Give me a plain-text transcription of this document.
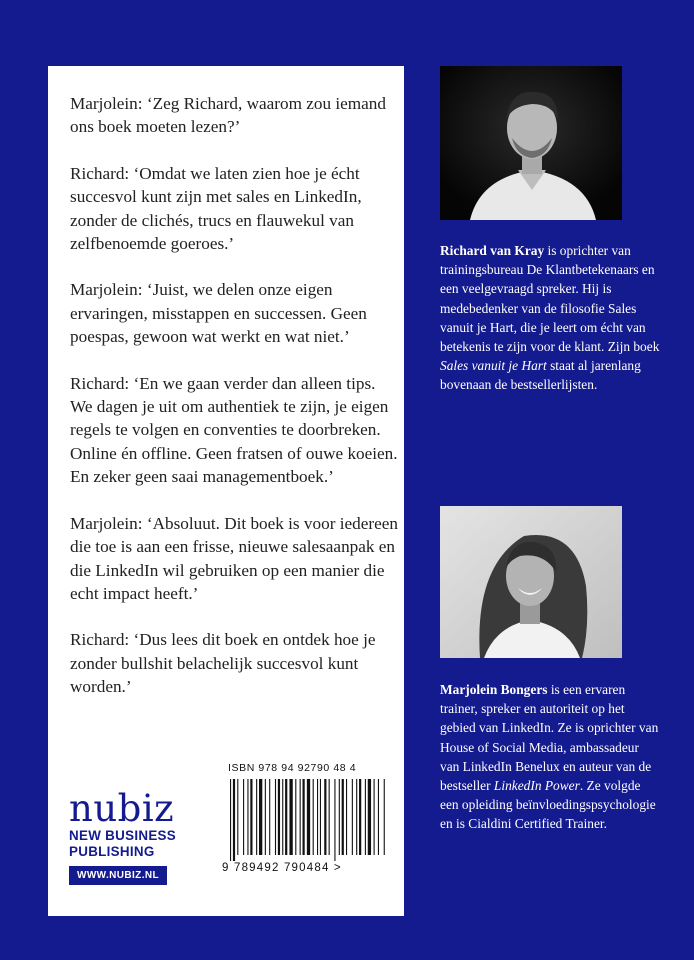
Marjolein: ‘Zeg Richard, waarom zou iemand ons boek moeten lezen?’

Richard: ‘Omdat we laten zien hoe je écht succesvol kunt zijn met sales en LinkedIn, zonder de clichés, trucs en flauwekul van zelfbenoemde goeroes.’

Marjolein: ‘Juist, we delen onze eigen ervaringen, misstappen en successen. Geen poespas, gewoon wat werkt en wat niet.’

Richard: ‘En we gaan verder dan alleen tips. We dagen je uit om authentiek te zijn, je eigen regels te volgen en conventies te doorbreken. Online én offline. Geen fratsen of ouwe koeien. En zeker geen saai managementboek.’

Marjolein: ‘Absoluut. Dit boek is voor iedereen die toe is aan een frisse, nieuwe salesaanpak en die LinkedIn wil gebruiken op een manier die echt impact heeft.’

Richard: ‘Dus lees dit boek en ontdek hoe je zonder bullshit belachelijk succesvol kunt worden.’

nubiz
NEW BUSINESS
PUBLISHING
WWW.NUBIZ.NL
ISBN 978 94 92790 48 4
9 789492 790484 >
Richard van Kray is oprichter van trainingsbureau De Klantbetekenaars en een veelgevraagd spreker. Hij is medebedenker van de filosofie Sales vanuit je Hart, die je leert om écht van betekenis te zijn voor de klant. Zijn boek Sales vanuit je Hart staat al jarenlang bovenaan de bestsellerlijsten.
Marjolein Bongers is een ervaren trainer, spreker en autoriteit op het gebied van LinkedIn. Ze is oprichter van House of Social Media, ambassadeur van LinkedIn Benelux en auteur van de bestseller LinkedIn Power. Ze volgde een opleiding beïnvloedingspsychologie en is Cialdini Certified Trainer.
